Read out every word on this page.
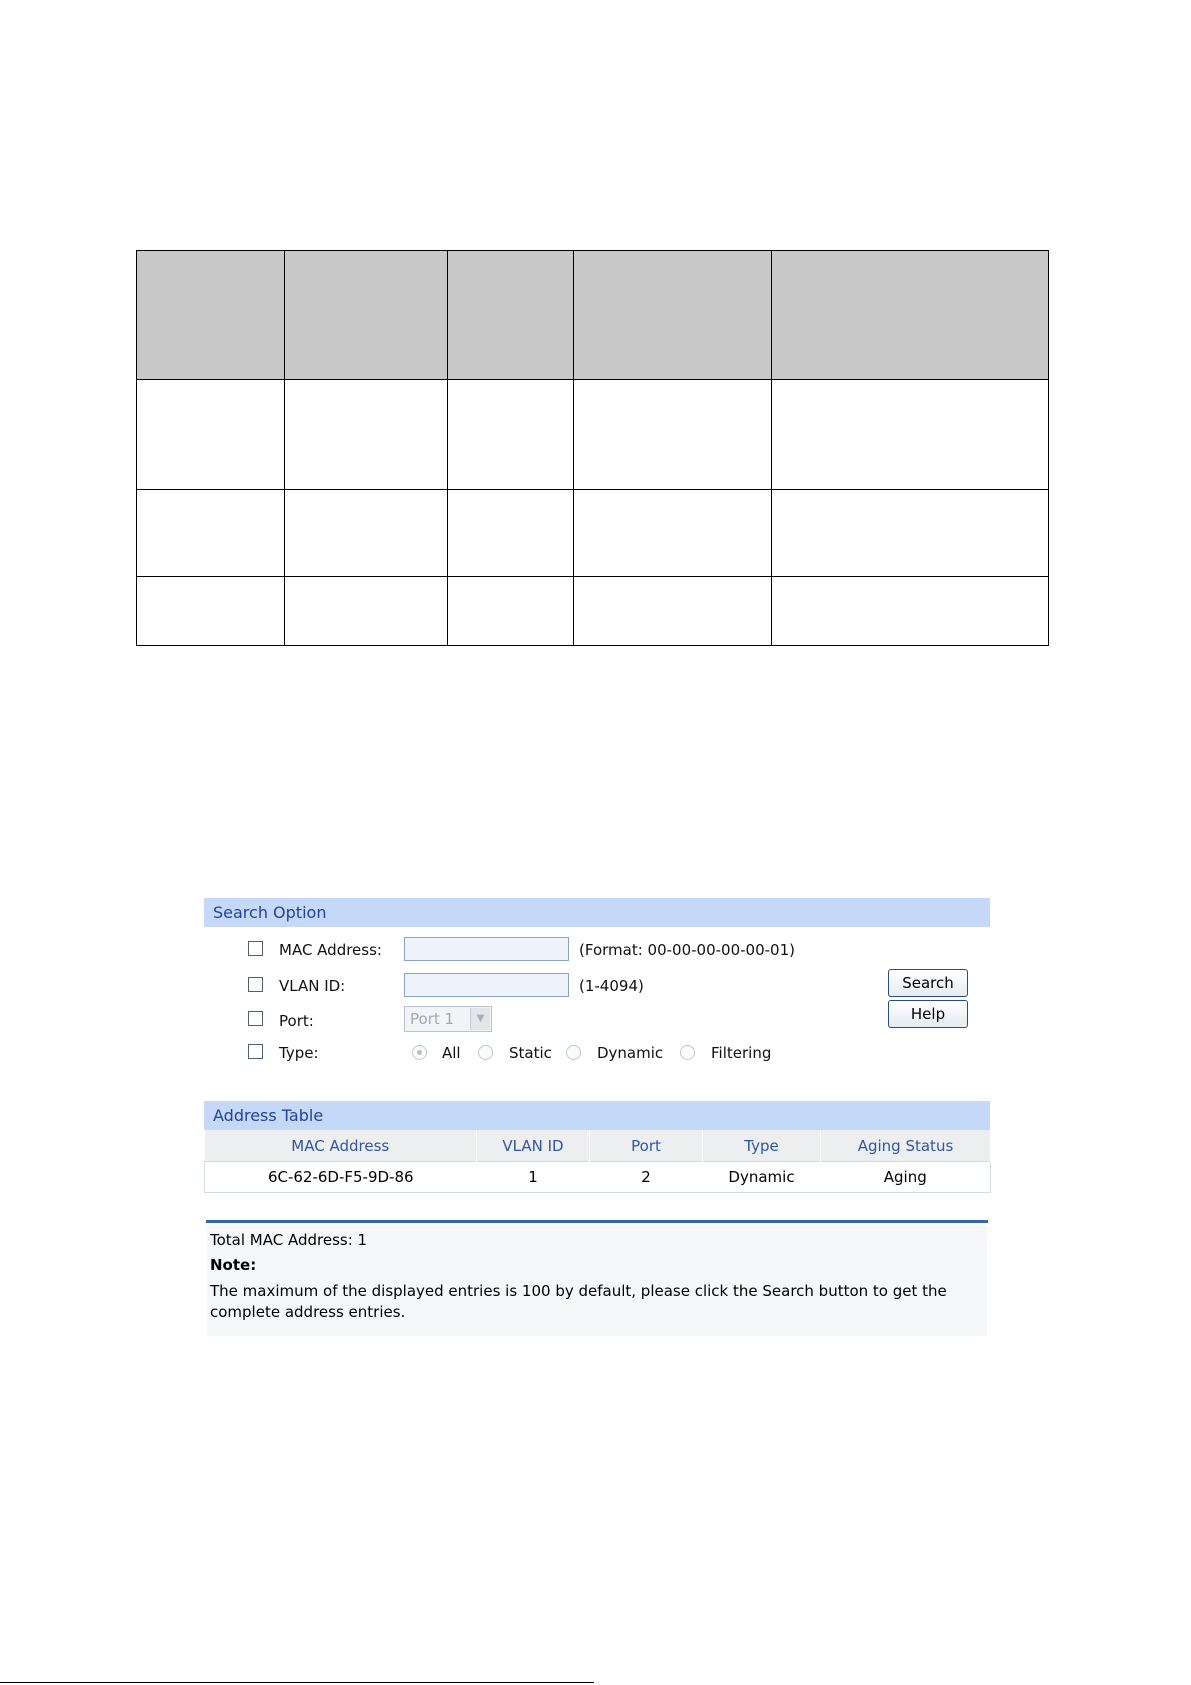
Search Option
MAC Address:	(Format: 00-00-00-00-00-01)
VLAN ID:	(1-4094)
Port:	Port 1	▼
Type:	All	Static	Dynamic	Filtering
Search
Help
Address Table
MAC Address	VLAN ID	Port	Type	Aging Status
6C-62-6D-F5-9D-86	1	2	Dynamic	Aging
Total MAC Address: 1
Note:
The maximum of the displayed entries is 100 by default, please click the Search button to get the
complete address entries.
